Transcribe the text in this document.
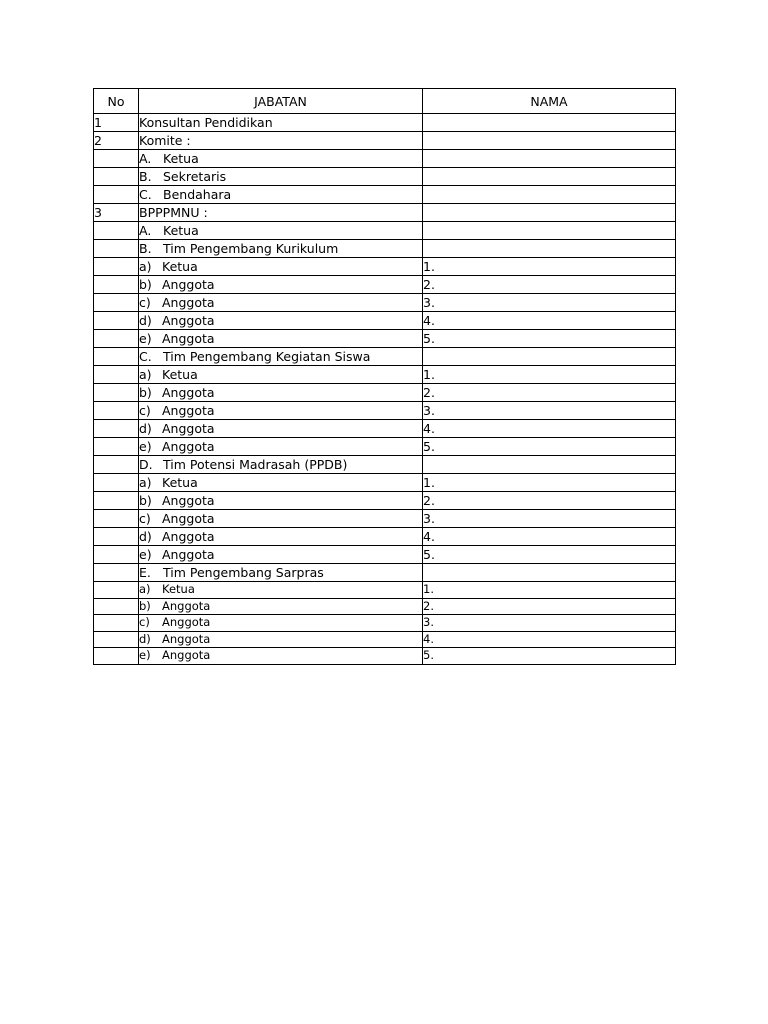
No	JABATAN	NAMA
1	Konsultan Pendidikan	
2	Komite :	
	A. Ketua	
	B. Sekretaris	
	C. Bendahara	
3	BPPPMNU :	
	A. Ketua	
	B. Tim Pengembang Kurikulum	
	a) Ketua	1.
	b) Anggota	2.
	c) Anggota	3.
	d) Anggota	4.
	e) Anggota	5.
	C. Tim Pengembang Kegiatan Siswa	
	a) Ketua	1.
	b) Anggota	2.
	c) Anggota	3.
	d) Anggota	4.
	e) Anggota	5.
	D. Tim Potensi Madrasah (PPDB)	
	a) Ketua	1.
	b) Anggota	2.
	c) Anggota	3.
	d) Anggota	4.
	e) Anggota	5.
	E. Tim Pengembang Sarpras	
	a) Ketua	1.
	b) Anggota	2.
	c) Anggota	3.
	d) Anggota	4.
	e) Anggota	5.
